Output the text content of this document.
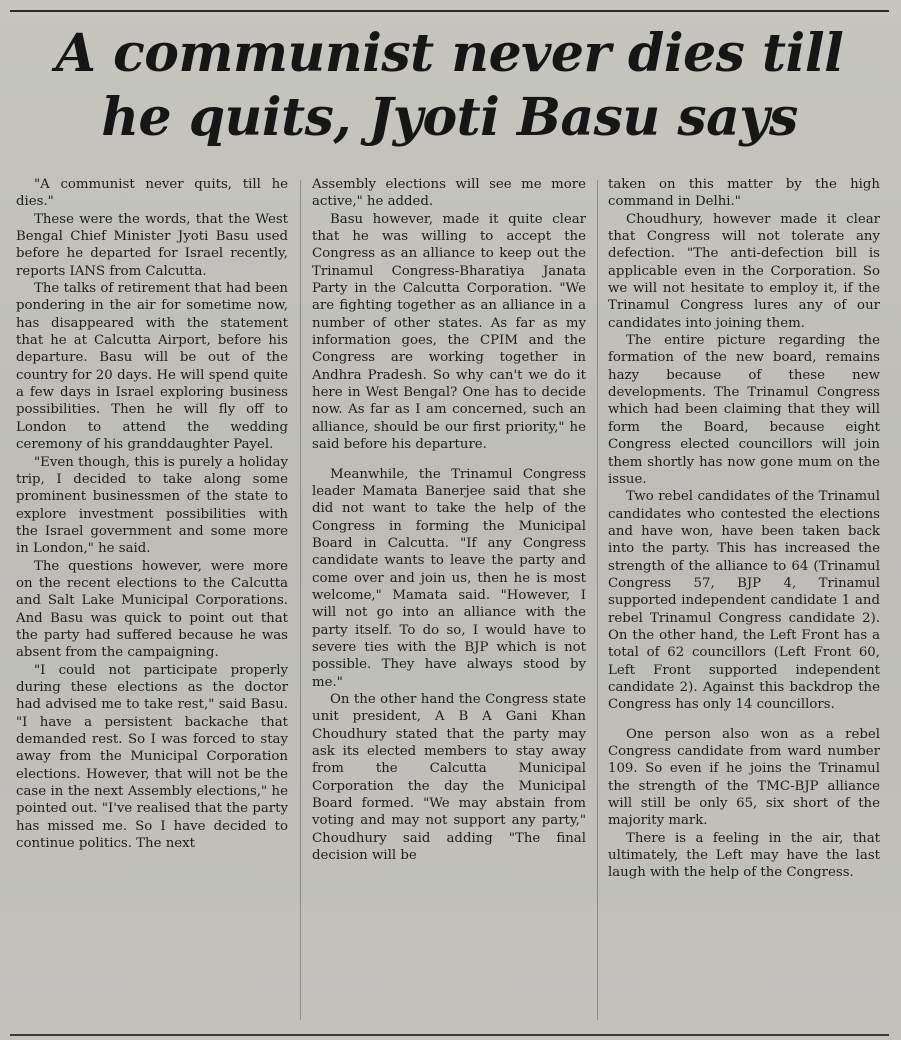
A communist never dies till
he quits, Jyoti Basu says

"A communist never quits, till he dies."

These were the words, that the West Bengal Chief Minister Jyoti Basu used before he departed for Israel recently, reports IANS from Calcutta.

The talks of retirement that had been pondering in the air for sometime now, has disappeared with the statement that he at Calcutta Airport, before his departure. Basu will be out of the country for 20 days. He will spend quite a few days in Israel exploring business possibilities. Then he will fly off to London to attend the wedding ceremony of his granddaughter Payel.

"Even though, this is purely a holiday trip, I decided to take along some prominent businessmen of the state to explore investment possibilities with the Israel government and some more in London," he said.

The questions however, were more on the recent elections to the Calcutta and Salt Lake Municipal Corporations. And Basu was quick to point out that the party had suffered because he was absent from the campaigning.

"I could not participate properly during these elections as the doctor had advised me to take rest," said Basu. "I have a persistent backache that demanded rest. So I was forced to stay away from the Municipal Corporation elections. However, that will not be the case in the next Assembly elections," he pointed out. "I've realised that the party has missed me. So I have decided to continue politics. The next

Assembly elections will see me more active," he added.

Basu however, made it quite clear that he was willing to accept the Congress as an alliance to keep out the Trinamul Congress-Bharatiya Janata Party in the Calcutta Corporation. "We are fighting together as an alliance in a number of other states. As far as my information goes, the CPIM and the Congress are working together in Andhra Pradesh. So why can't we do it here in West Bengal? One has to decide now. As far as I am concerned, such an alliance, should be our first priority," he said before his departure.

Meanwhile, the Trinamul Congress leader Mamata Banerjee said that she did not want to take the help of the Congress in forming the Municipal Board in Calcutta. "If any Congress candidate wants to leave the party and come over and join us, then he is most welcome," Mamata said. "However, I will not go into an alliance with the party itself. To do so, I would have to severe ties with the BJP which is not possible. They have always stood by me."

On the other hand the Congress state unit president, A B A Gani Khan Choudhury stated that the party may ask its elected members to stay away from the Calcutta Municipal Corporation the day the Municipal Board formed. "We may abstain from voting and may not support any party," Choudhury said adding "The final decision will be

taken on this matter by the high command in Delhi."

Choudhury, however made it clear that Congress will not tolerate any defection. "The anti-defection bill is applicable even in the Corporation. So we will not hesitate to employ it, if the Trinamul Congress lures any of our candidates into joining them.

The entire picture regarding the formation of the new board, remains hazy because of these new developments. The Trinamul Congress which had been claiming that they will form the Board, because eight Congress elected councillors will join them shortly has now gone mum on the issue.

Two rebel candidates of the Trinamul candidates who contested the elections and have won, have been taken back into the party. This has increased the strength of the alliance to 64 (Trinamul Congress 57, BJP 4, Trinamul supported independent candidate 1 and rebel Trinamul Congress candidate 2). On the other hand, the Left Front has a total of 62 councillors (Left Front 60, Left Front supported independent candidate 2). Against this backdrop the Congress has only 14 councillors.

One person also won as a rebel Congress candidate from ward number 109. So even if he joins the Trinamul the strength of the TMC-BJP alliance will still be only 65, six short of the majority mark.

There is a feeling in the air, that ultimately, the Left may have the last laugh with the help of the Congress.
